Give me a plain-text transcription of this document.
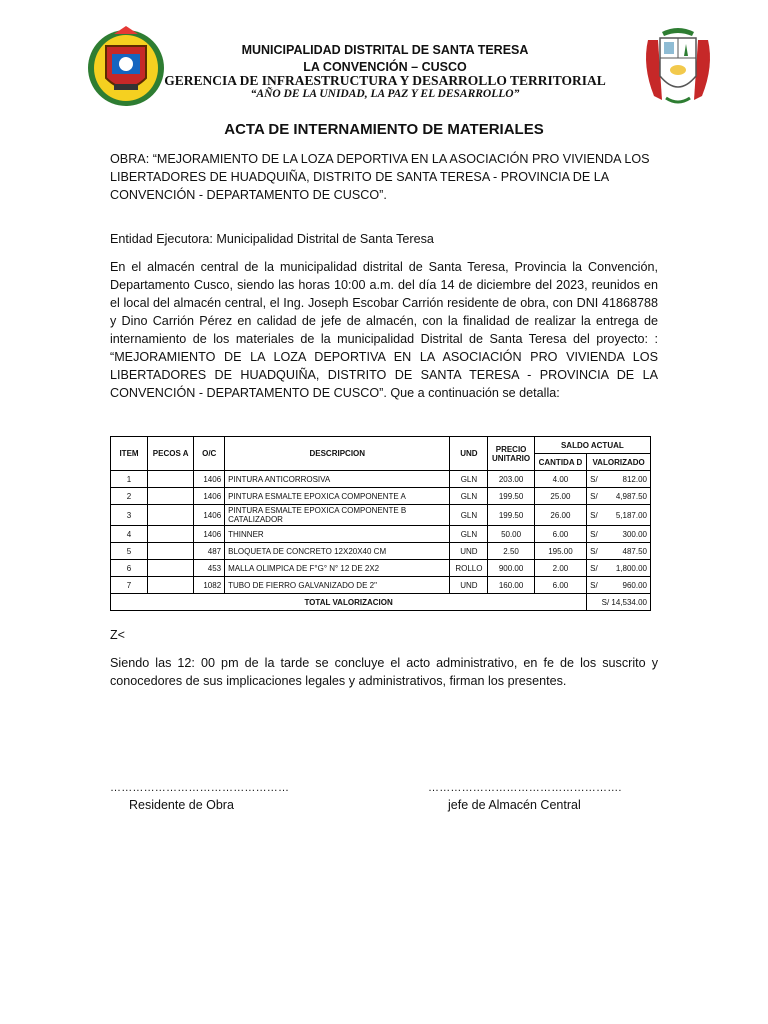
MUNICIPALIDAD DISTRITAL DE SANTA TERESA
LA CONVENCIÓN – CUSCO
GERENCIA DE INFRAESTRUCTURA Y DESARROLLO TERRITORIAL
“AÑO DE LA UNIDAD, LA PAZ Y EL DESARROLLO”
ACTA DE INTERNAMIENTO DE MATERIALES
OBRA: “MEJORAMIENTO DE LA LOZA DEPORTIVA EN LA ASOCIACIÓN PRO VIVIENDA LOS LIBERTADORES DE HUADQUIÑA, DISTRITO DE SANTA TERESA - PROVINCIA DE LA CONVENCIÓN - DEPARTAMENTO DE CUSCO”.
Entidad Ejecutora: Municipalidad Distrital de Santa Teresa
En el almacén central de la municipalidad distrital de Santa Teresa, Provincia la Convención, Departamento Cusco, siendo las horas 10:00 a.m. del día 14 de diciembre del 2023, reunidos en el local del almacén central, el Ing. Joseph Escobar Carrión residente de obra, con DNI 41868788 y Dino Carrión Pérez en calidad de jefe de almacén, con la finalidad de realizar la entrega de internamiento de los materiales de la municipalidad Distrital de Santa Teresa del proyecto: : “MEJORAMIENTO DE LA LOZA DEPORTIVA EN LA ASOCIACIÓN PRO VIVIENDA LOS LIBERTADORES DE HUADQUIÑA, DISTRITO DE SANTA TERESA - PROVINCIA DE LA CONVENCIÓN - DEPARTAMENTO DE CUSCO”. Que a continuación se detalla:
ITEM	PECOS A	O/C	DESCRIPCION	UND	PRECIO UNITARIO	SALDO ACTUAL	
						CANTIDA D	VALORIZADO
1		1406	PINTURA ANTICORROSIVA	GLN	203.00	4.00	S/ 812.00

2		1406	PINTURA ESMALTE EPOXICA COMPONENTE A	GLN	199.50	25.00	S/ 4,987.50

3		1406	PINTURA ESMALTE EPOXICA COMPONENTE B CATALIZADOR	GLN	199.50	26.00	S/ 5,187.00

4		1406	THINNER	GLN	50.00	6.00	S/ 300.00

5		487	BLOQUETA DE CONCRETO 12X20X40 CM	UND	2.50	195.00	S/ 487.50

6		453	MALLA OLIMPICA DE F°G° N° 12 DE 2X2	ROLLO	900.00	2.00	S/ 1,800.00

7		1082	TUBO DE FIERRO GALVANIZADO DE 2"	UND	160.00	6.00	S/ 960.00

TOTAL VALORIZACION							S/ 14,534.00
Z<
Siendo las 12: 00 pm de la tarde se concluye el acto administrativo, en fe de los suscrito y conocedores de sus implicaciones legales y administrativos, firman los presentes.
…………………………………………
Residente de Obra
…………………………………………….
jefe de Almacén Central
